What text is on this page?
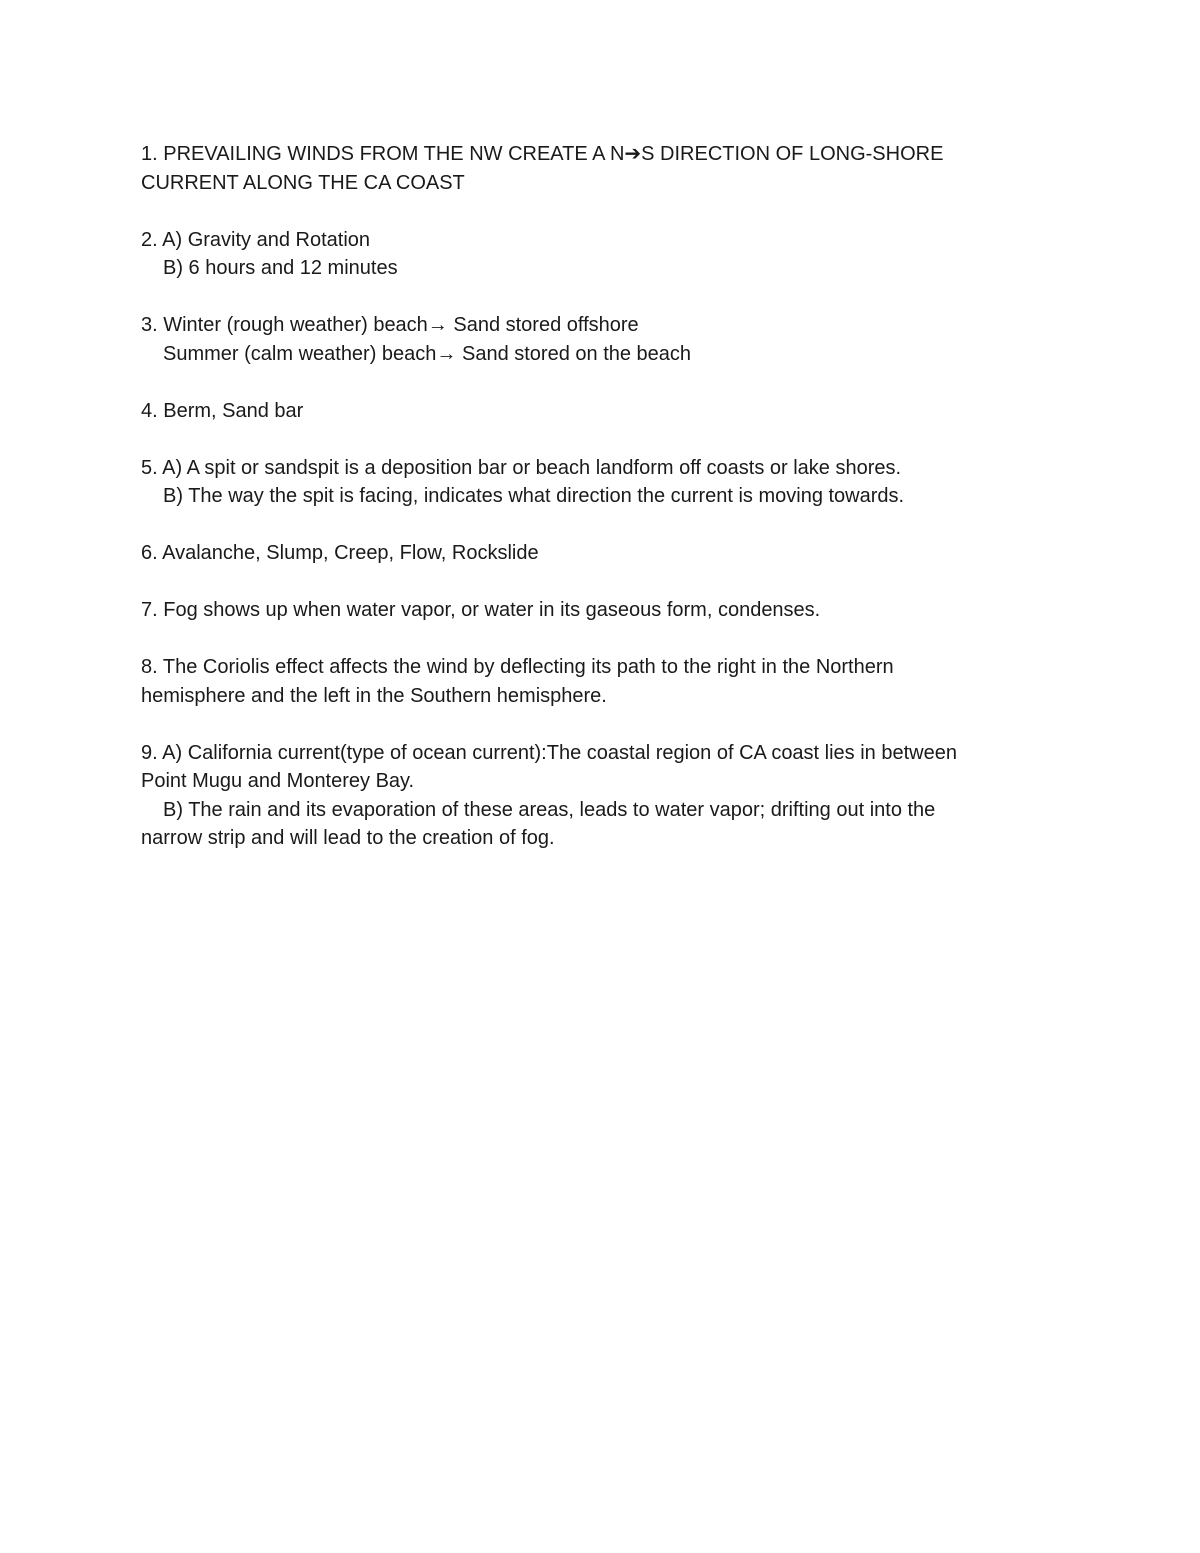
1. PREVAILING WINDS FROM THE NW CREATE A N➔S DIRECTION OF LONG-SHORE
CURRENT ALONG THE CA COAST
2. A) Gravity and Rotation
B) 6 hours and 12 minutes
3. Winter (rough weather) beach→ Sand stored offshore
Summer (calm weather) beach→ Sand stored on the beach
4. Berm, Sand bar
5. A) A spit or sandspit is a deposition bar or beach landform off coasts or lake shores.
B) The way the spit is facing, indicates what direction the current is moving towards.
6. Avalanche, Slump, Creep, Flow, Rockslide
7. Fog shows up when water vapor, or water in its gaseous form, condenses.
8. The Coriolis effect affects the wind by deflecting its path to the right in the Northern
hemisphere and the left in the Southern hemisphere.
9. A) California current(type of ocean current):The coastal region of CA coast lies in between
Point Mugu and Monterey Bay.
B) The rain and its evaporation of these areas, leads to water vapor; drifting out into the
narrow strip and will lead to the creation of fog.
